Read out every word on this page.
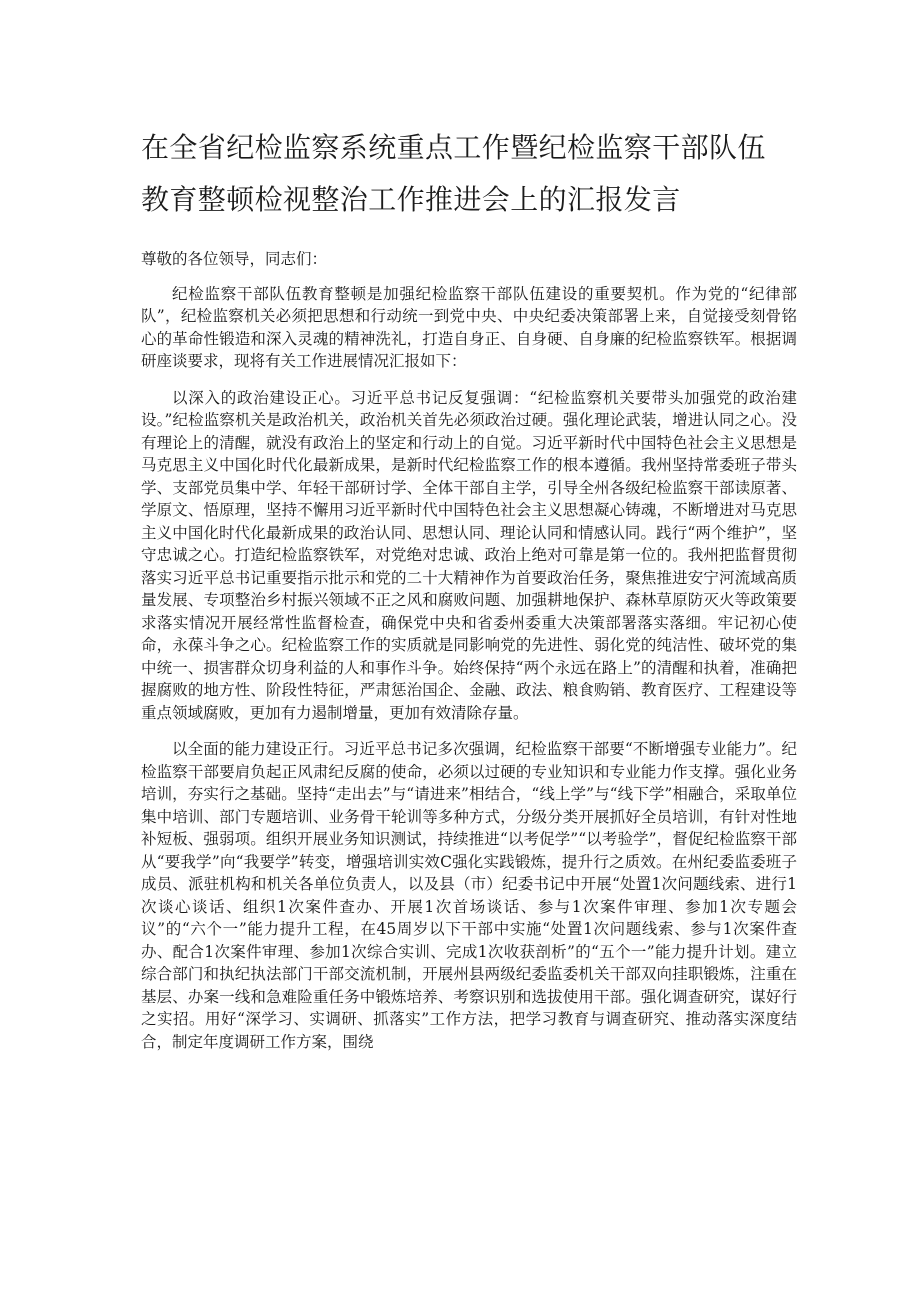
在全省纪检监察系统重点工作暨纪检监察干部队伍
教育整顿检视整治工作推进会上的汇报发言

尊敬的各位领导，同志们：

纪检监察干部队伍教育整顿是加强纪检监察干部队伍建设的重要契机。作为党的“纪律部队”，纪检监察机关必须把思想和行动统一到党中央、中央纪委决策部署上来，自觉接受刻骨铭心的革命性锻造和深入灵魂的精神洗礼，打造自身正、自身硬、自身廉的纪检监察铁军。根据调研座谈要求，现将有关工作进展情况汇报如下：

以深入的政治建设正心。习近平总书记反复强调：“纪检监察机关要带头加强党的政治建设。”纪检监察机关是政治机关，政治机关首先必须政治过硬。强化理论武装，增进认同之心。没有理论上的清醒，就没有政治上的坚定和行动上的自觉。习近平新时代中国特色社会主义思想是马克思主义中国化时代化最新成果，是新时代纪检监察工作的根本遵循。我州坚持常委班子带头学、支部党员集中学、年轻干部研讨学、全体干部自主学，引导全州各级纪检监察干部读原著、学原文、悟原理，坚持不懈用习近平新时代中国特色社会主义思想凝心铸魂，不断增进对马克思主义中国化时代化最新成果的政治认同、思想认同、理论认同和情感认同。践行“两个维护”，坚守忠诚之心。打造纪检监察铁军，对党绝对忠诚、政治上绝对可靠是第一位的。我州把监督贯彻落实习近平总书记重要指示批示和党的二十大精神作为首要政治任务，聚焦推进安宁河流域高质量发展、专项整治乡村振兴领域不正之风和腐败问题、加强耕地保护、森林草原防灭火等政策要求落实情况开展经常性监督检查，确保党中央和省委州委重大决策部署落实落细。牢记初心使命，永葆斗争之心。纪检监察工作的实质就是同影响党的先进性、弱化党的纯洁性、破坏党的集中统一、损害群众切身利益的人和事作斗争。始终保持“两个永远在路上”的清醒和执着，准确把握腐败的地方性、阶段性特征，严肃惩治国企、金融、政法、粮食购销、教育医疗、工程建设等重点领域腐败，更加有力遏制增量，更加有效清除存量。

以全面的能力建设正行。习近平总书记多次强调，纪检监察干部要“不断增强专业能力”。纪检监察干部要肩负起正风肃纪反腐的使命，必须以过硬的专业知识和专业能力作支撑。强化业务培训，夯实行之基础。坚持“走出去”与“请进来”相结合，“线上学”与“线下学”相融合，采取单位集中培训、部门专题培训、业务骨干轮训等多种方式，分级分类开展抓好全员培训，有针对性地补短板、强弱项。组织开展业务知识测试，持续推进“以考促学”“以考验学”，督促纪检监察干部从“要我学”向“我要学”转变，增强培训实效C强化实践锻炼，提升行之质效。在州纪委监委班子成员、派驻机构和机关各单位负责人，以及县（市）纪委书记中开展“处置1次问题线索、进行1次谈心谈话、组织1次案件查办、开展1次首场谈话、参与1次案件审理、参加1次专题会议”的“六个一”能力提升工程，在45周岁以下干部中实施“处置1次问题线索、参与1次案件查办、配合1次案件审理、参加1次综合实训、完成1次收获剖析”的“五个一”能力提升计划。建立综合部门和执纪执法部门干部交流机制，开展州县两级纪委监委机关干部双向挂职锻炼，注重在基层、办案一线和急难险重任务中锻炼培养、考察识别和选拔使用干部。强化调查研究，谋好行之实招。用好“深学习、实调研、抓落实”工作方法，把学习教育与调查研究、推动落实深度结合，制定年度调研工作方案，围绕
